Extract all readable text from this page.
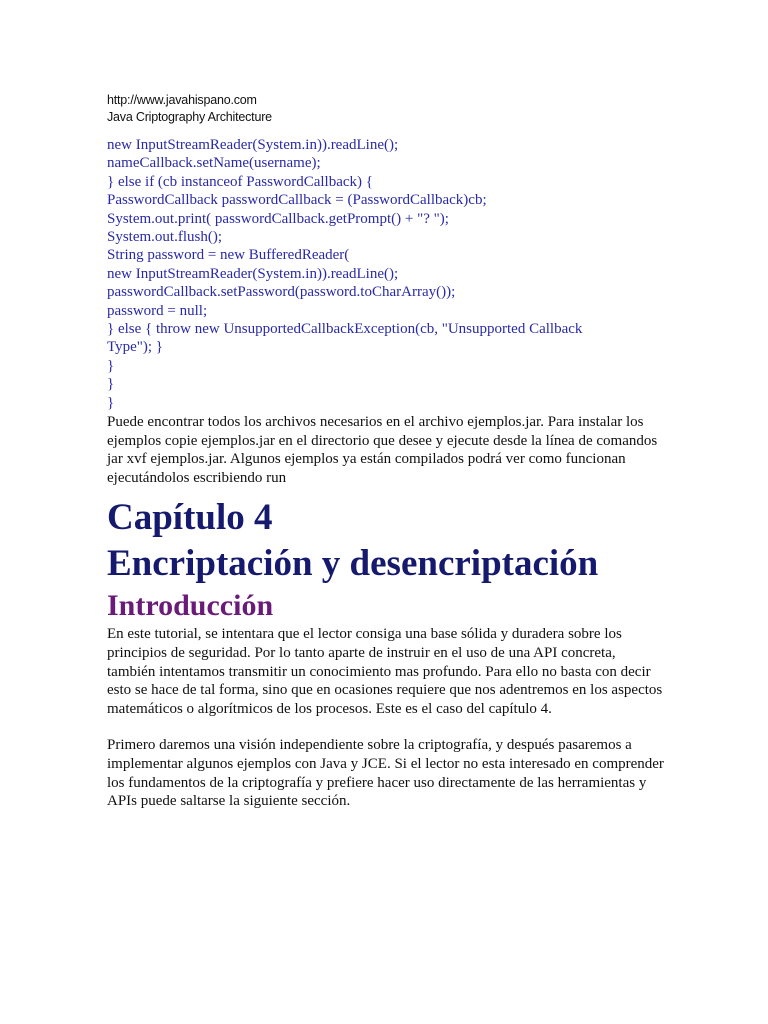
http://www.javahispano.com
Java Criptography Architecture
new InputStreamReader(System.in)).readLine();
nameCallback.setName(username);
} else if (cb instanceof PasswordCallback) {
PasswordCallback passwordCallback = (PasswordCallback)cb;
System.out.print( passwordCallback.getPrompt() + "? ");
System.out.flush();
String password = new BufferedReader(
new InputStreamReader(System.in)).readLine();
passwordCallback.setPassword(password.toCharArray());
password = null;
} else { throw new UnsupportedCallbackException(cb, "Unsupported Callback
Type"); }
}
}
}

Puede encontrar todos los archivos necesarios en el archivo ejemplos.jar. Para instalar los ejemplos copie ejemplos.jar en el directorio que desee y ejecute desde la línea de comandos jar xvf ejemplos.jar. Algunos ejemplos ya están compilados podrá ver como funcionan ejecutándolos escribiendo run

Capítulo 4
Encriptación y desencriptación
Introducción

En este tutorial, se intentara que el lector consiga una base sólida y duradera sobre los principios de seguridad. Por lo tanto aparte de instruir en el uso de una API concreta, también intentamos transmitir un conocimiento mas profundo. Para ello no basta con decir esto se hace de tal forma, sino que en ocasiones requiere que nos adentremos en los aspectos matemáticos o algorítmicos de los procesos. Este es el caso del capítulo 4.

Primero daremos una visión independiente sobre la criptografía, y después pasaremos a implementar algunos ejemplos con Java y JCE. Si el lector no esta interesado en comprender los fundamentos de la criptografía y prefiere hacer uso directamente de las herramientas y APIs puede saltarse la siguiente sección.
